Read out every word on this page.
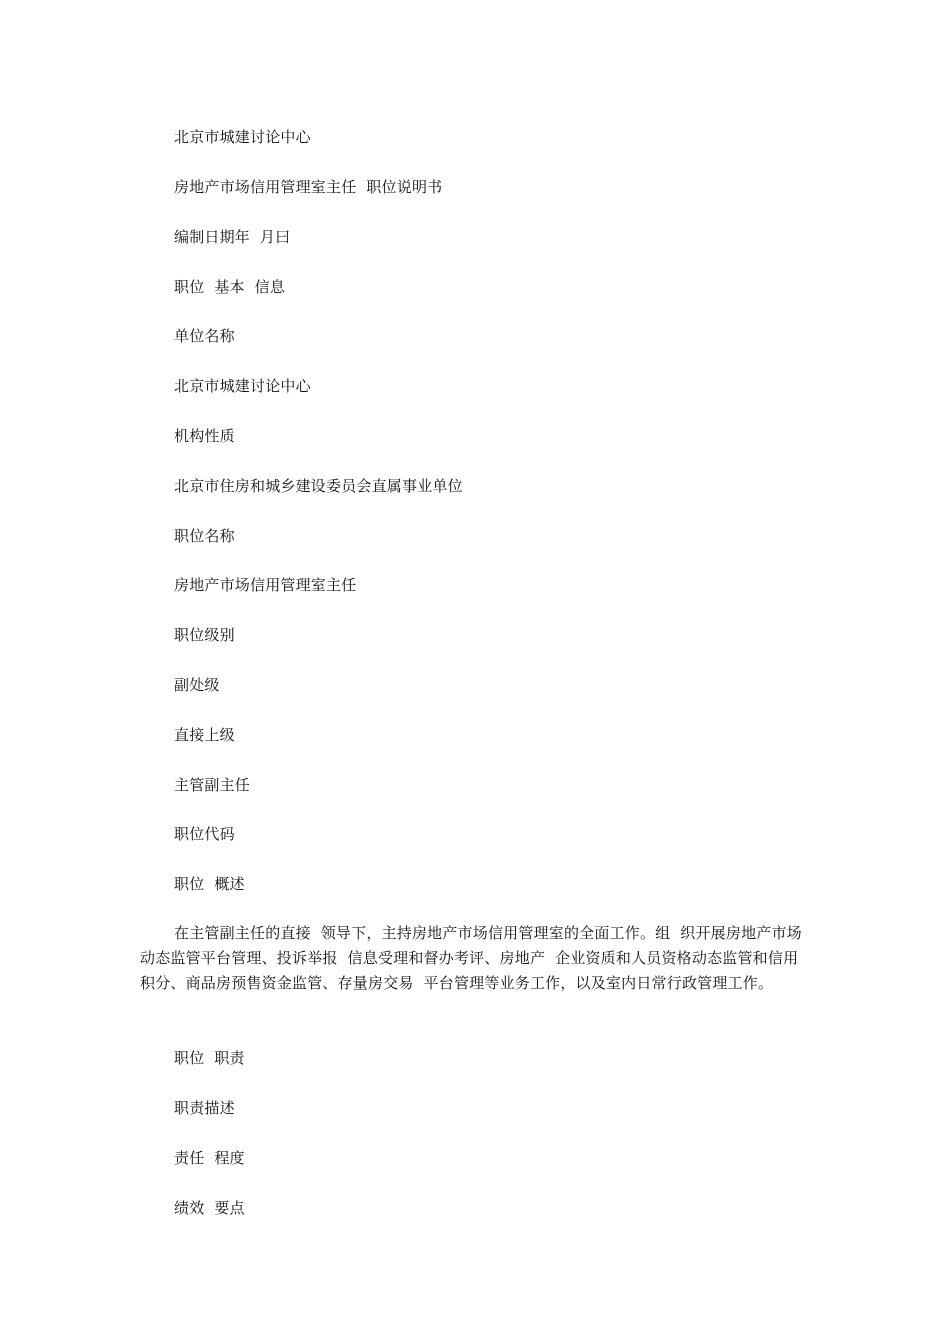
北京市城建讨论中心
房地产市场信用管理室主任  职位说明书
编制日期年  月曰
职位  基本  信息
单位名称
北京市城建讨论中心
机构性质
北京市住房和城乡建设委员会直属事业单位
职位名称
房地产市场信用管理室主任
职位级别
副处级
直接上级
主管副主任
职位代码
职位  概述
在主管副主任的直接  领导下，主持房地产市场信用管理室的全面工作。组  织开展房地产市场动态监管平台管理、投诉举报  信息受理和督办考评、房地产  企业资质和人员资格动态监管和信用积分、商品房预售资金监管、存量房交易  平台管理等业务工作，以及室内日常行政管理工作。
职位  职责
职责描述
责任  程度
绩效  要点
